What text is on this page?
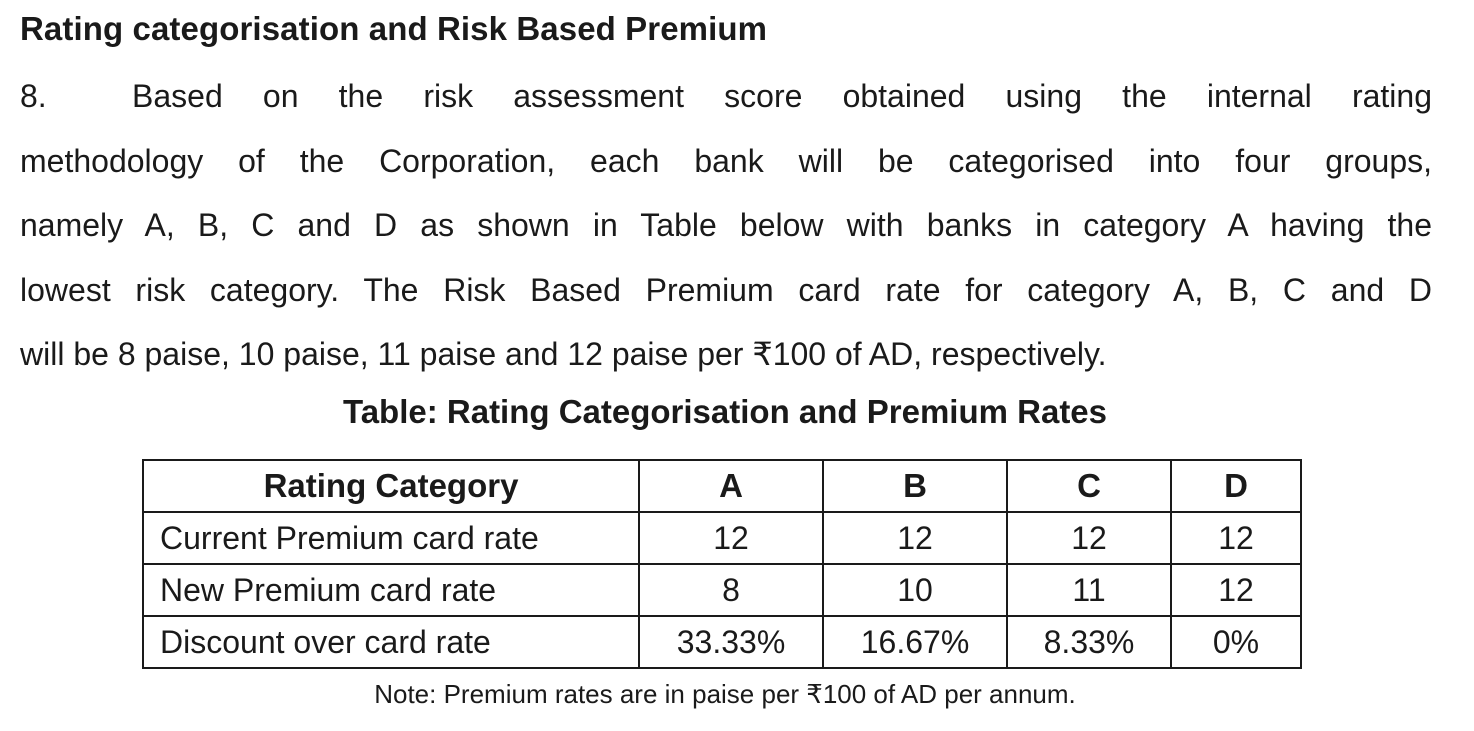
Rating categorisation and Risk Based Premium
8.	Based on the risk assessment score obtained using the internal rating
methodology of the Corporation, each bank will be categorised into four groups,
namely A, B, C and D as shown in Table below with banks in category A having the
lowest risk category. The Risk Based Premium card rate for category A, B, C and D
will be 8 paise, 10 paise, 11 paise and 12 paise per ₹100 of AD, respectively.
Table: Rating Categorisation and Premium Rates
Rating Category	A	B	C	D
Current Premium card rate	12	12	12	12
New Premium card rate	8	10	11	12
Discount over card rate	33.33%	16.67%	8.33%	0%
Note: Premium rates are in paise per ₹100 of AD per annum.
